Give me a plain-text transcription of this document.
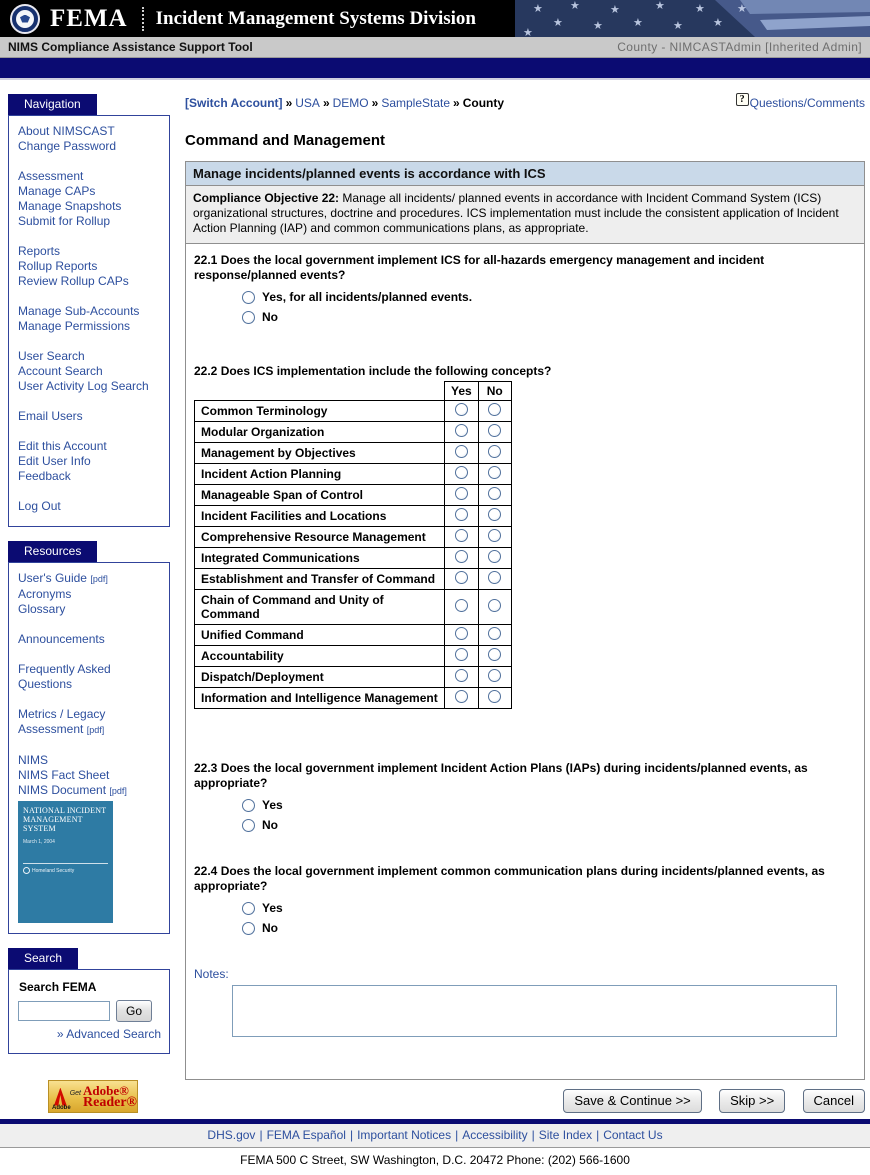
FEMA Incident Management Systems Division	★ ★	★	★	★
★	★	★	★	★
★
★
NIMS Compliance Assistance Support Tool	County - NIMCASTAdmin [Inherited Admin]
Navigation
About NIMSCAST
Change Password
Assessment
Manage CAPs
Manage Snapshots
Submit for Rollup
Reports
Rollup Reports
Review Rollup CAPs
Manage Sub-Accounts
Manage Permissions
User Search
Account Search
User Activity Log Search
Email Users
Edit this Account
Edit User Info
Feedback
Log Out
Resources
User's Guide [pdf]
Acronyms
Glossary
Announcements
Frequently Asked Questions
Metrics / Legacy Assessment [pdf]
NIMS
NIMS Fact Sheet
NIMS Document [pdf]
NATIONAL INCIDENT MANAGEMENT SYSTEM
March 1, 2004
Homeland Security
Search
Search FEMA
Go
» Advanced Search
Adobe
Get Adobe®
Reader®
[Switch Account] » USA » DEMO » SampleState » County	? Questions/Comments
Command and Management
Manage incidents/planned events is accordance with ICS
Compliance Objective 22: Manage all incidents/ planned events in accordance with Incident Command System (ICS) organizational structures, doctrine and procedures. ICS implementation must include the consistent application of Incident Action Planning (IAP) and common communications plans, as appropriate.
22.1 Does the local government implement ICS for all-hazards emergency management and incident response/planned events?
Yes, for all incidents/planned events.
No
22.2 Does ICS implementation include the following concepts?
	Yes	No
Common Terminology		
Modular Organization		
Management by Objectives		
Incident Action Planning		
Manageable Span of Control		
Incident Facilities and Locations		
Comprehensive Resource Management		
Integrated Communications		
Establishment and Transfer of Command		
Chain of Command and Unity of Command		
Unified Command		
Accountability		
Dispatch/Deployment		
Information and Intelligence Management		
22.3 Does the local government implement Incident Action Plans (IAPs) during incidents/planned events, as appropriate?
Yes
No
22.4 Does the local government implement common communication plans during incidents/planned events, as appropriate?
Yes
No
Notes:
Save & Continue >>	Skip >>	Cancel
DHS.gov | FEMA Español | Important Notices | Accessibility | Site Index | Contact Us
FEMA 500 C Street, SW Washington, D.C. 20472 Phone: (202) 566-1600
